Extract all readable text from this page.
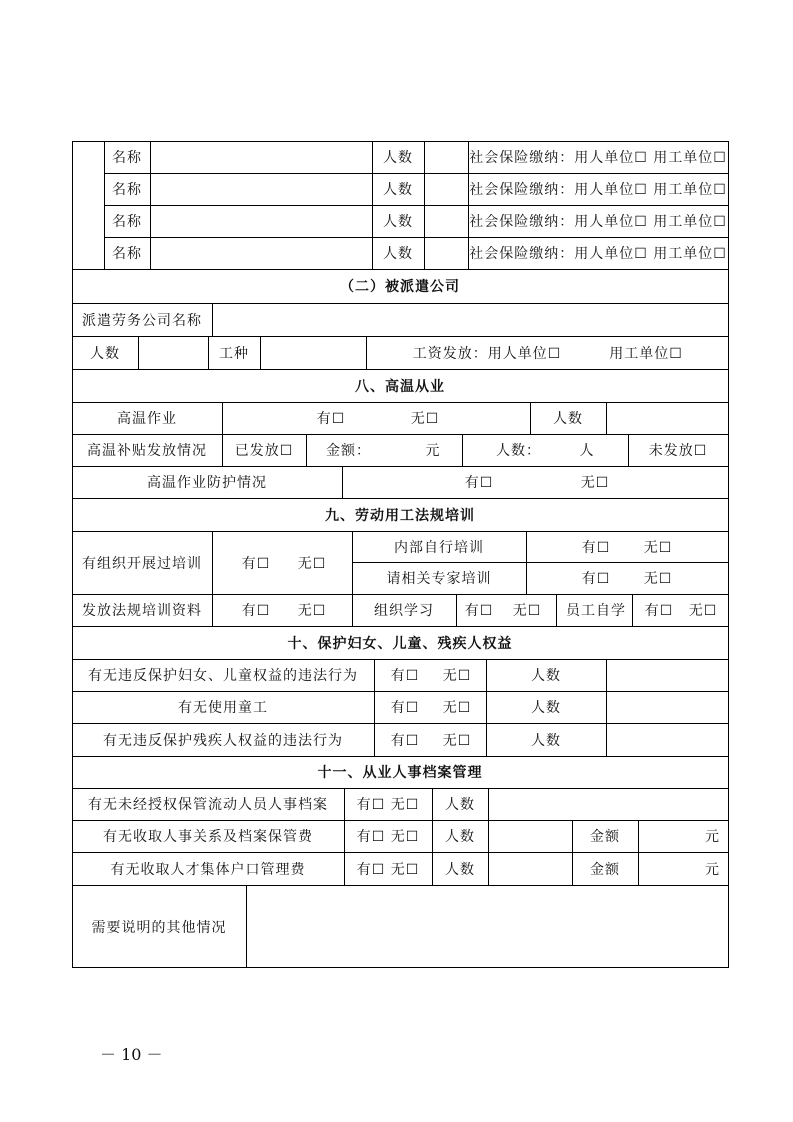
名称	人数	社会保险缴纳：用人单位☐ 用工单位☐
名称	人数	社会保险缴纳：用人单位☐ 用工单位☐
名称	人数	社会保险缴纳：用人单位☐ 用工单位☐
名称	人数	社会保险缴纳：用人单位☐ 用工单位☐
（二）被派遣公司
派遣劳务公司名称
人数	工种	工资发放：用人单位☐	用工单位☐
八、高温从业
高温作业	有☐	无☐	人数
高温补贴发放情况	已发放☐	金额：	元	人数：	人	未发放☐
高温作业防护情况	有☐	无☐
九、劳动用工法规培训
有组织开展过培训	有☐	无☐
内部自行培训	有☐	无☐
请相关专家培训	有☐	无☐
发放法规培训资料	有☐	无☐	组织学习	有☐	无☐	员工自学	有☐	无☐
十、保护妇女、儿童、残疾人权益
有无违反保护妇女、儿童权益的违法行为	有☐	无☐	人数
有无使用童工	有☐	无☐	人数
有无违反保护残疾人权益的违法行为	有☐	无☐	人数
十一、从业人事档案管理
有无未经授权保管流动人员人事档案	有☐ 无☐	人数
有无收取人事关系及档案保管费	有☐ 无☐	人数	金额	元
有无收取人才集体户口管理费	有☐ 无☐	人数	金额	元
需要说明的其他情况
－ 10 －
